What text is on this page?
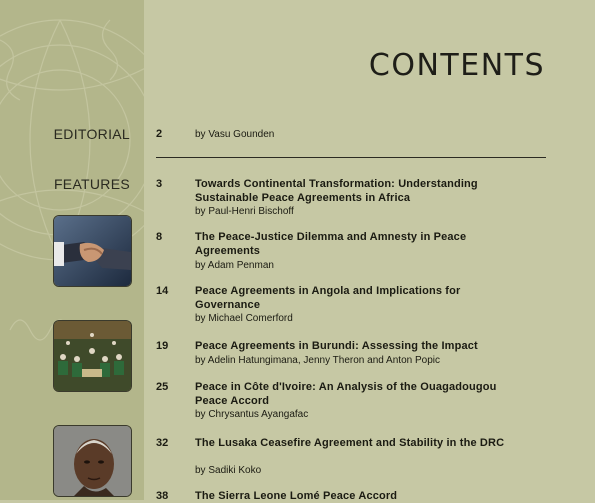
CONTENTS
EDITORIAL 2	by Vasu Gounden
FEATURES 3	Towards Continental Transformation: Understanding Sustainable Peace Agreements in Africa
by Paul-Henri Bischoff
8	The Peace-Justice Dilemma and Amnesty in Peace Agreements
by Adam Penman
14 Peace Agreements in Angola and Implications for Governance
by Michael Comerford
19 Peace Agreements in Burundi: Assessing the Impact
by Adelin Hatungimana, Jenny Theron and Anton Popic
25 Peace in Côte d'Ivoire: An Analysis of the Ouagadougou Peace Accord
by Chrysantus Ayangafac
32 The Lusaka Ceasefire Agreement and Stability in the DRC
by Sadiki Koko
38 The Sierra Leone Lomé Peace Accord
